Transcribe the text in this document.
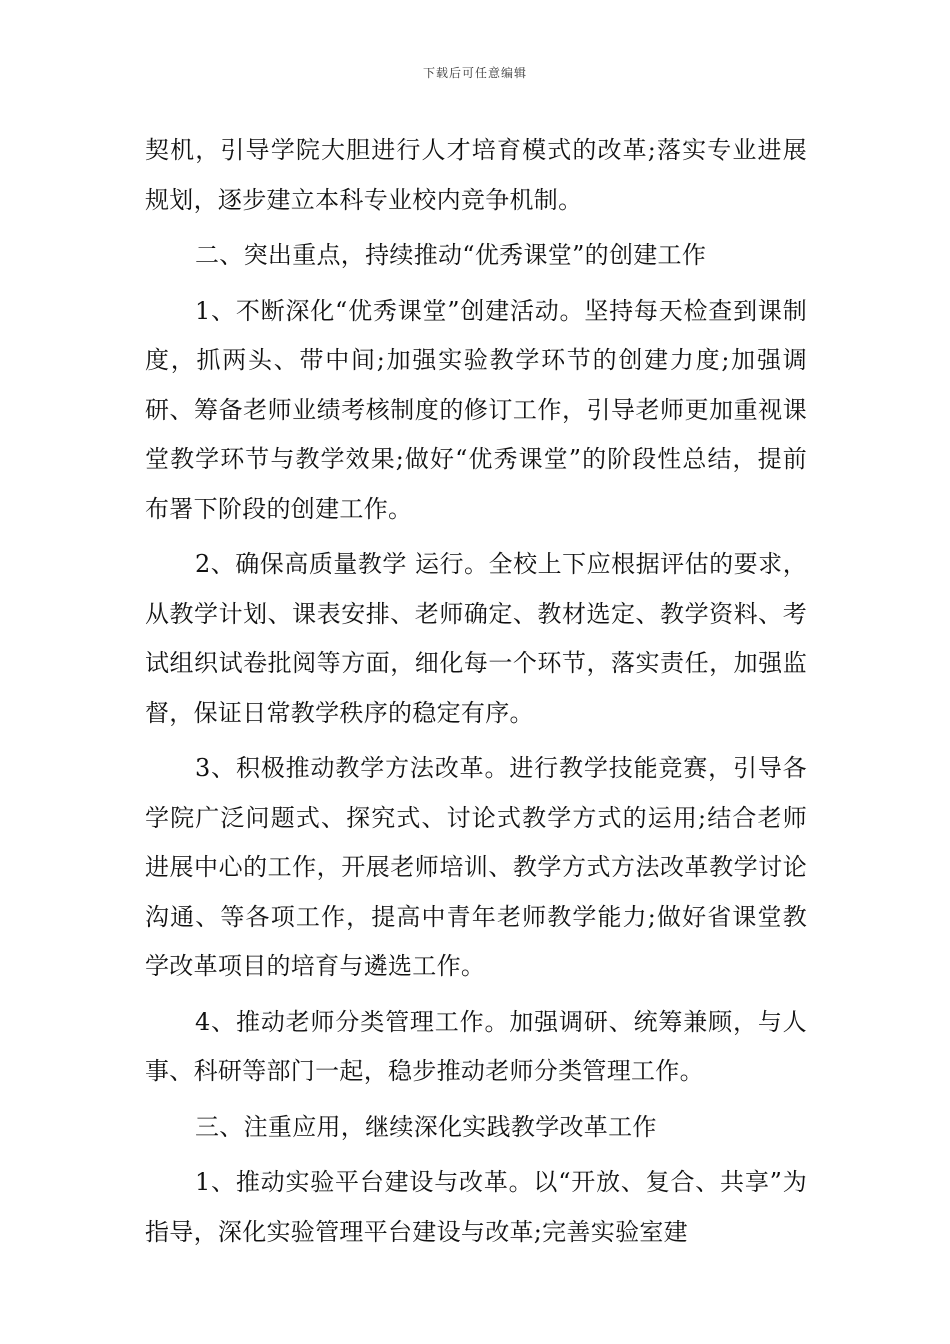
下载后可任意编辑

契机，引导学院大胆进行人才培育模式的改革;落实专业进展规划，逐步建立本科专业校内竞争机制。

二、突出重点，持续推动“优秀课堂”的创建工作

1、不断深化“优秀课堂”创建活动。坚持每天检查到课制度，抓两头、带中间;加强实验教学环节的创建力度;加强调研、筹备老师业绩考核制度的修订工作，引导老师更加重视课堂教学环节与教学效果;做好“优秀课堂”的阶段性总结，提前布署下阶段的创建工作。

2、确保高质量教学 运行。全校上下应根据评估的要求，从教学计划、课表安排、老师确定、教材选定、教学资料、考试组织试卷批阅等方面，细化每一个环节，落实责任，加强监督，保证日常教学秩序的稳定有序。

3、积极推动教学方法改革。进行教学技能竞赛，引导各学院广泛问题式、探究式、讨论式教学方式的运用;结合老师进展中心的工作，开展老师培训、教学方式方法改革教学讨论沟通、等各项工作，提高中青年老师教学能力;做好省课堂教学改革项目的培育与遴选工作。

4、推动老师分类管理工作。加强调研、统筹兼顾，与人事、科研等部门一起，稳步推动老师分类管理工作。

三、注重应用，继续深化实践教学改革工作

1、推动实验平台建设与改革。以“开放、复合、共享”为指导，深化实验管理平台建设与改革;完善实验室建
